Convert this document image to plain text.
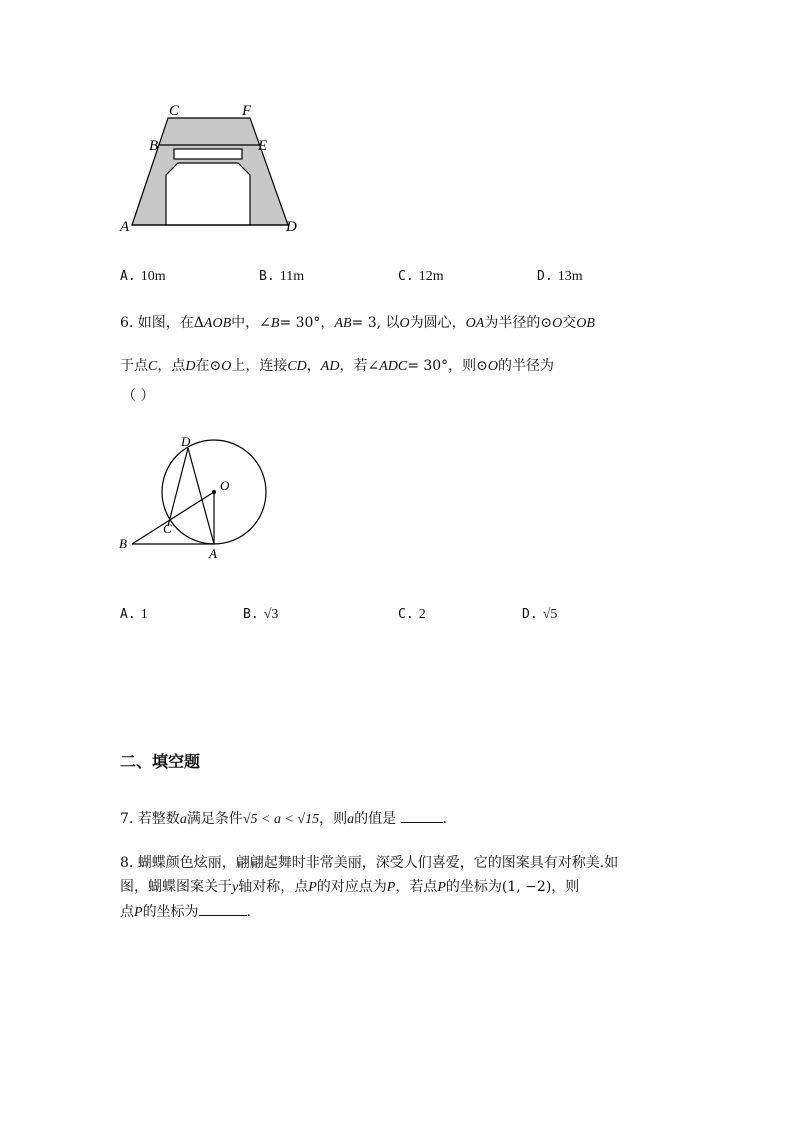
C	F
B	E
A	D
A. 10m	B. 11m	C. 12m	D. 13m
6. 如图，在ΔAOB中，∠B= 30°，AB= 3, 以O为圆心，OA为半径的⊙O交OB
于点C，点D在⊙O上，连接CD，AD，若∠ADC= 30°，则⊙O的半径为
（ ）
D
O
C
B
A
A. 1	B. √3	C. 2	D. √5
二、填空题
7. 若整数a满足条件√5 < a < √15，则a的值是	.
8. 蝴蝶颜色炫丽，翩翩起舞时非常美丽，深受人们喜爱，它的图案具有对称美.如
图，蝴蝶图案关于y轴对称，点P的对应点为P，若点P的坐标为(1, −2)，则
点P的坐标为	.
